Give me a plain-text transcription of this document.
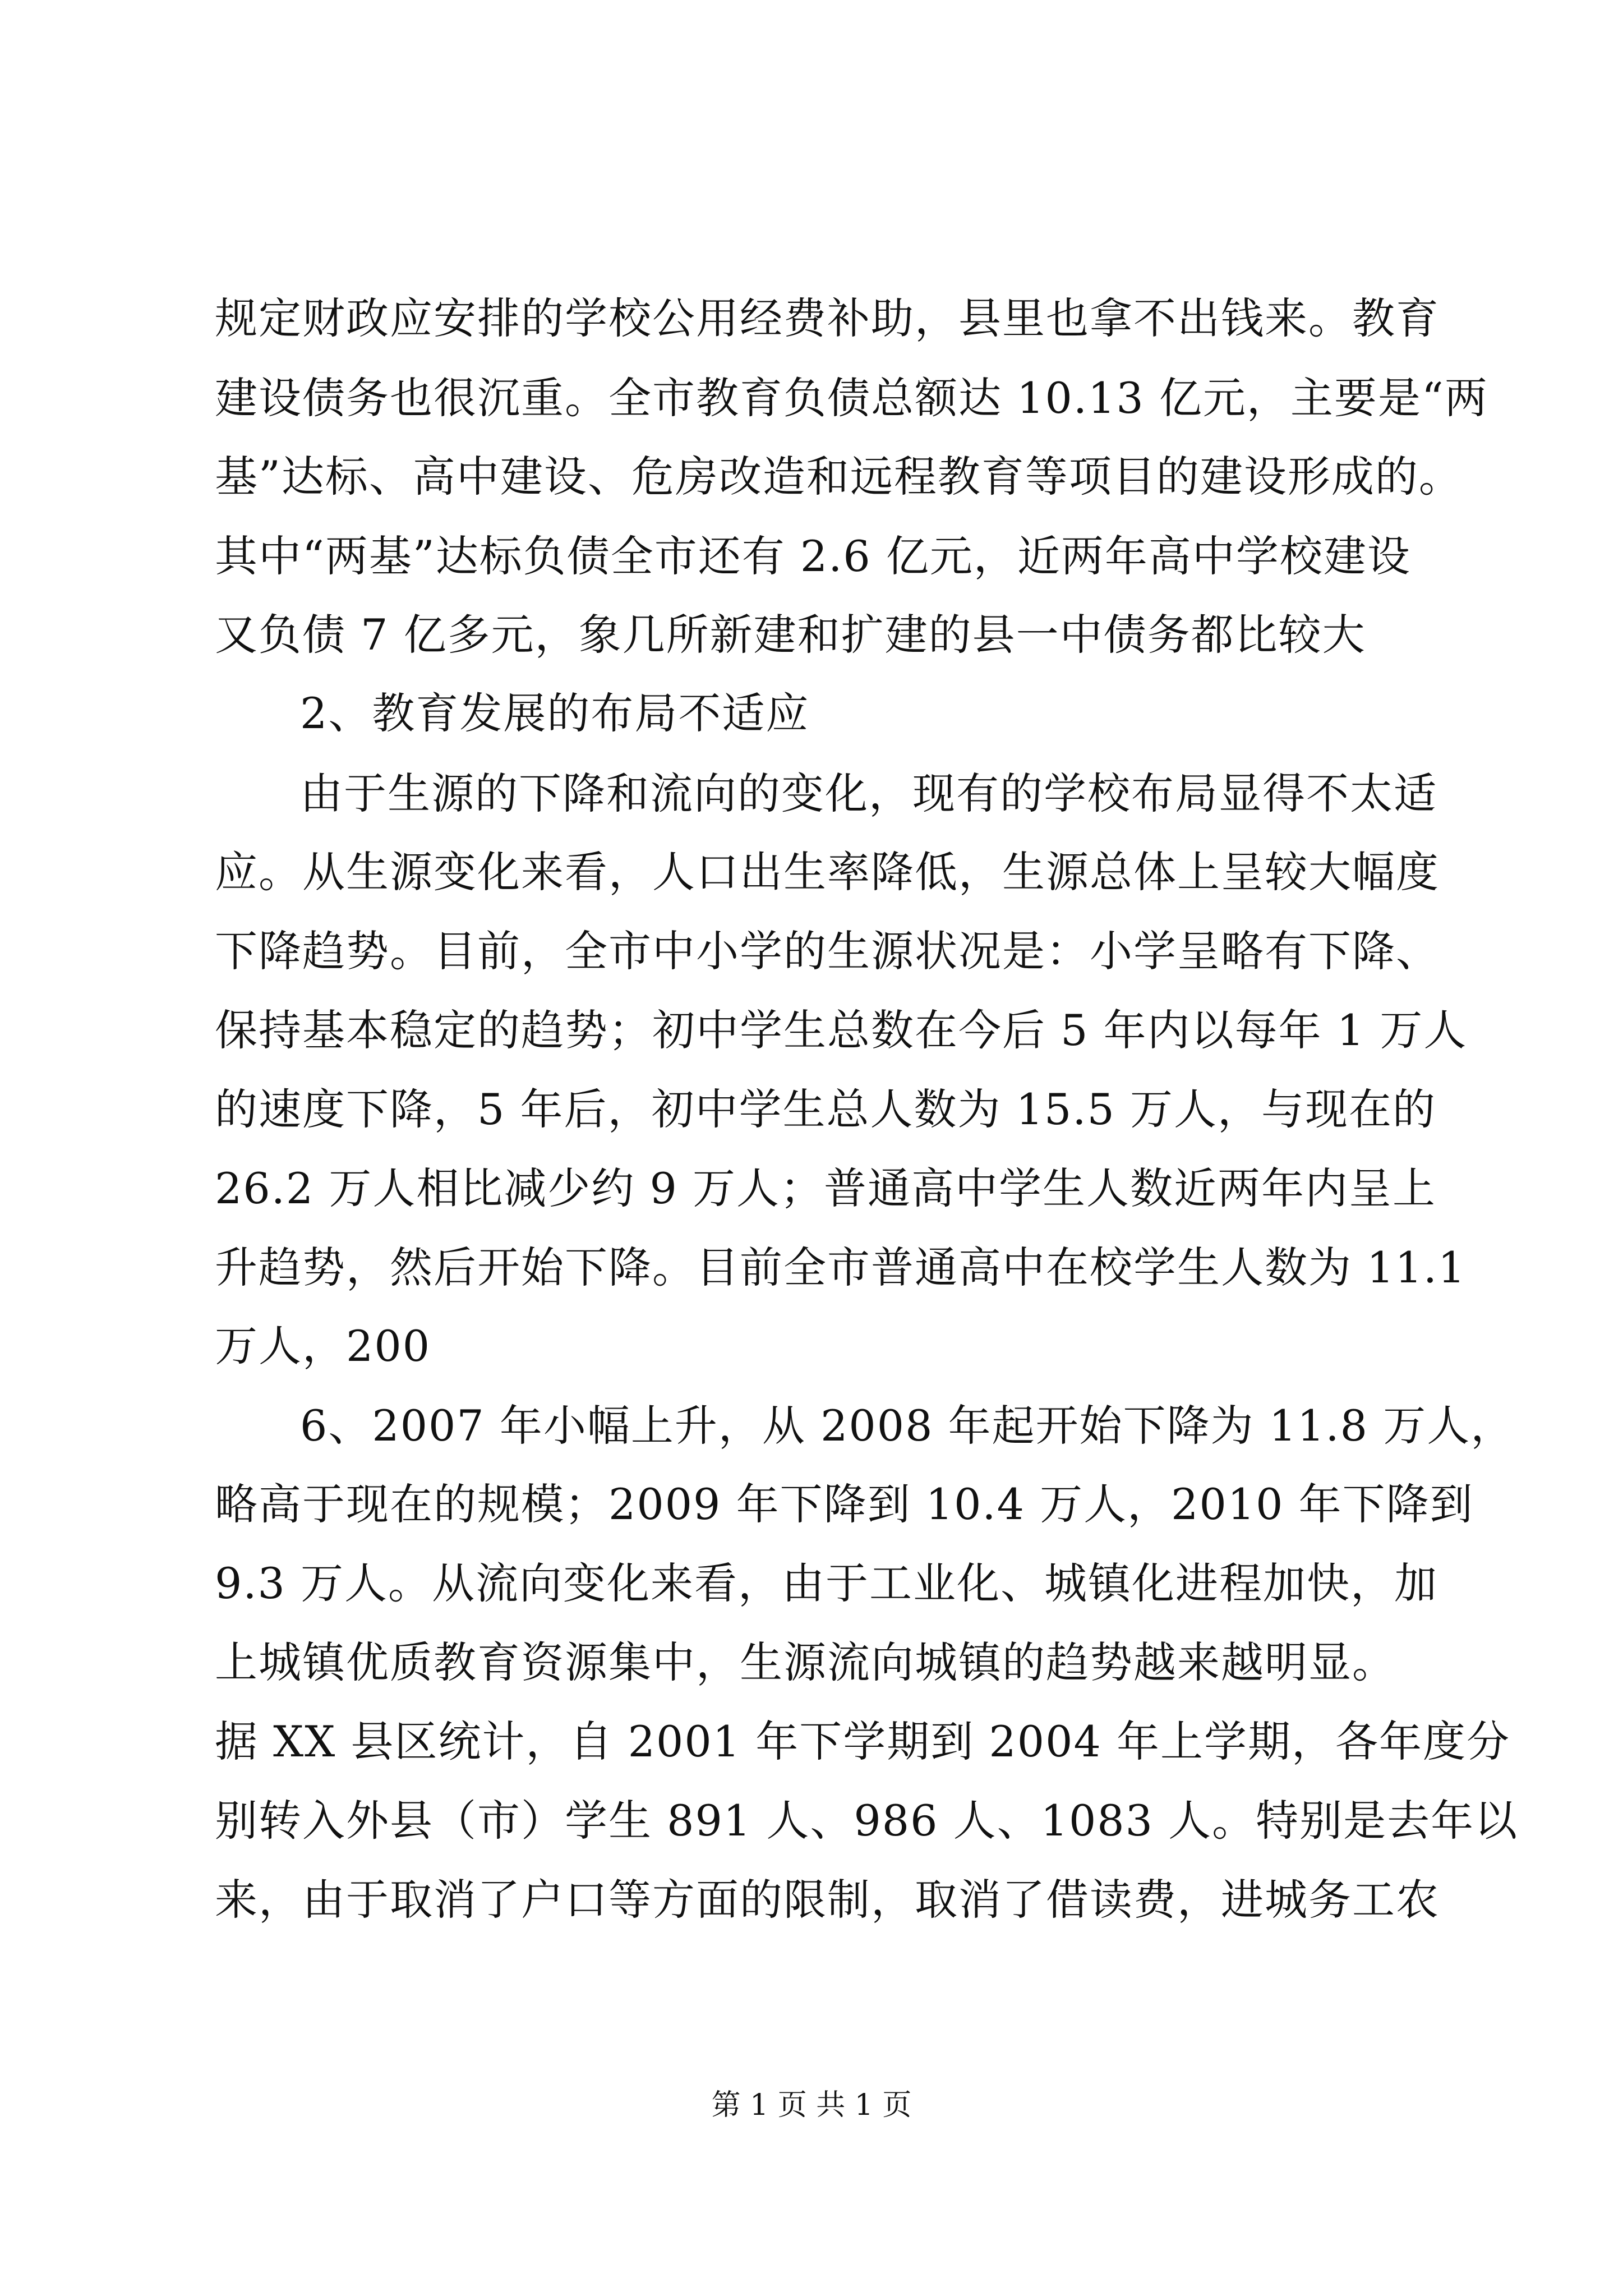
规定财政应安排的学校公用经费补助，县里也拿不出钱来。教育
建设债务也很沉重。全市教育负债总额达 10.13 亿元，主要是“两
基”达标、高中建设、危房改造和远程教育等项目的建设形成的。
其中“两基”达标负债全市还有 2.6 亿元，近两年高中学校建设
又负债 7 亿多元，象几所新建和扩建的县一中债务都比较大
2、教育发展的布局不适应
由于生源的下降和流向的变化，现有的学校布局显得不太适
应。从生源变化来看，人口出生率降低，生源总体上呈较大幅度
下降趋势。目前，全市中小学的生源状况是：小学呈略有下降、
保持基本稳定的趋势；初中学生总数在今后 5 年内以每年 1 万人
的速度下降，5 年后，初中学生总人数为 15.5 万人，与现在的
26.2 万人相比减少约 9 万人；普通高中学生人数近两年内呈上
升趋势，然后开始下降。目前全市普通高中在校学生人数为 11.1
万人，200
6、2007 年小幅上升，从 2008 年起开始下降为 11.8 万人，
略高于现在的规模；2009 年下降到 10.4 万人，2010 年下降到
9.3 万人。从流向变化来看，由于工业化、城镇化进程加快，加
上城镇优质教育资源集中，生源流向城镇的趋势越来越明显。
据 XX 县区统计，自 2001 年下学期到 2004 年上学期，各年度分
别转入外县（市）学生 891 人、986 人、1083 人。特别是去年以
来，由于取消了户口等方面的限制，取消了借读费，进城务工农
第 1 页 共 1 页
